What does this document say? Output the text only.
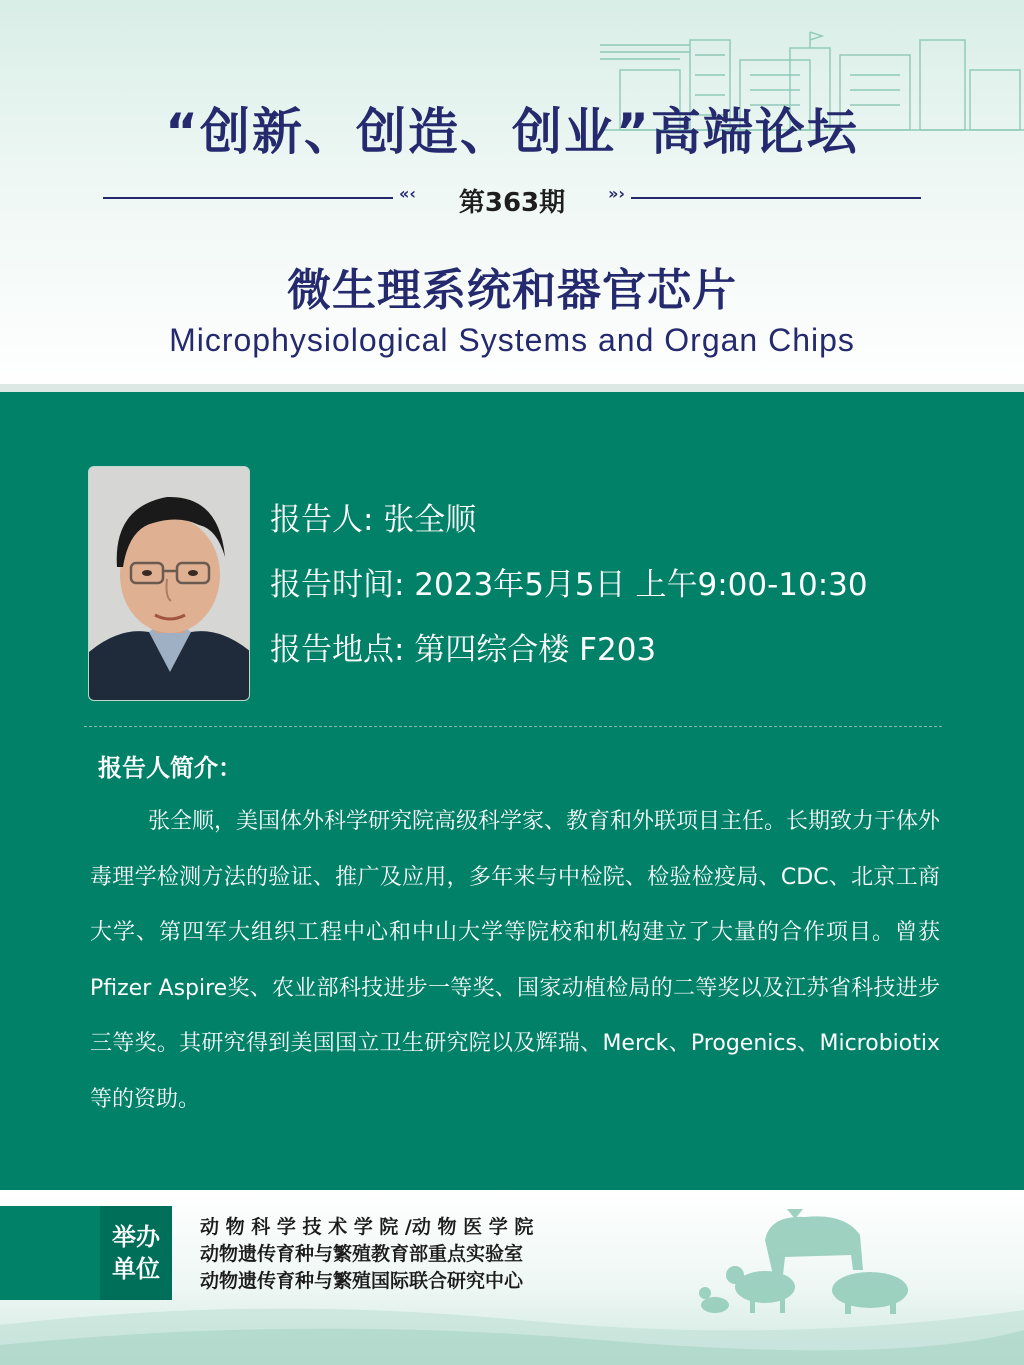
“创新、创造、创业”高端论坛
«‹	第363期	»›
微生理系统和器官芯片
Microphysiological Systems and Organ Chips
报告人: 张全顺
报告时间: 2023年5月5日 上午9:00-10:30
报告地点: 第四综合楼 F203
报告人简介：
张全顺，美国体外科学研究院高级科学家、教育和外联项目主任。长期致力于体外毒理学检测方法的验证、推广及应用，多年来与中检院、检验检疫局、CDC、北京工商大学、第四军大组织工程中心和中山大学等院校和机构建立了大量的合作项目。曾获Pfizer Aspire奖、农业部科技进步一等奖、国家动植检局的二等奖以及江苏省科技进步三等奖。其研究得到美国国立卫生研究院以及辉瑞、Merck、Progenics、Microbiotix等的资助。
举办
单位
动 物 科 学 技 术 学 院 /动 物 医 学 院
动物遗传育种与繁殖教育部重点实验室
动物遗传育种与繁殖国际联合研究中心
